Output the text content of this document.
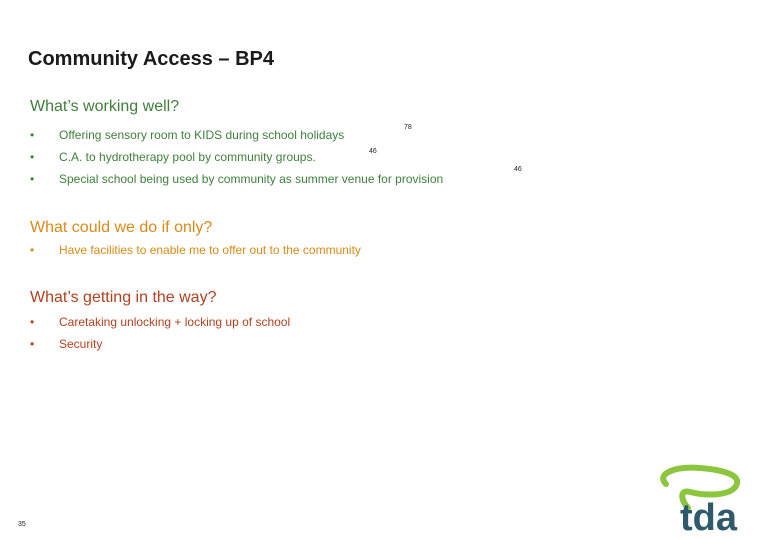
Community Access – BP4
What’s working well?
• Offering sensory room to KIDS during school holidays
• C.A. to hydrotherapy pool by community groups.
• Special school being used by community as summer venue for provision
78
46
46
What could we do if only?
• Have facilities to enable me to offer out to the community
What’s getting in the way?
• Caretaking unlocking + locking up of school
• Security
35	tda
